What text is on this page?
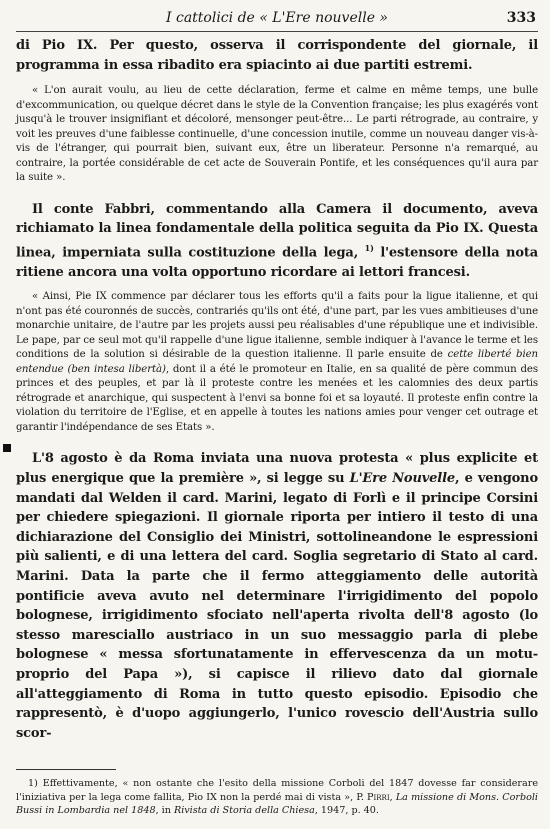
I cattolici de « L'Ere nouvelle »	333

di Pio IX. Per questo, osserva il corrispondente del giornale, il programma in essa ribadito era spiacinto ai due partiti estremi.

« L'on aurait voulu, au lieu de cette déclaration, ferme et calme en même temps, une bulle d'excommunication, ou quelque décret dans le style de la Convention française; les plus exagérés vont jusqu'à le trouver insignifiant et décoloré, mensonger peut-être... Le parti rétrograde, au contraire, y voit les preuves d'une faiblesse continuelle, d'une concession inutile, comme un nouveau danger vis-à-vis de l'étranger, qui pourrait bien, suivant eux, être un liberateur. Personne n'a remarqué, au contraire, la portée considérable de cet acte de Souverain Pontife, et les conséquences qu'il aura par la suite ».

Il conte Fabbri, commentando alla Camera il documento, aveva richiamato la linea fondamentale della politica seguita da Pio IX. Questa linea, imperniata sulla costituzione della lega, $^{1)}$ l'estensore della nota ritiene ancora una volta opportuno ricordare ai lettori francesi.

« Ainsi, Pie IX commence par déclarer tous les efforts qu'il a faits pour la ligue italienne, et qui n'ont pas été couronnés de succès, contrariés qu'ils ont été, d'une part, par les vues ambitieuses d'une monarchie unitaire, de l'autre par les projets aussi peu réalisables d'une république une et indivisible. Le pape, par ce seul mot qu'il rappelle d'une ligue italienne, semble indiquer à l'avance le terme et les conditions de la solution si désirable de la question italienne. Il parle ensuite de cette liberté bien entendue (ben intesa libertà), dont il a été le promoteur en Italie, en sa qualité de père commun des princes et des peuples, et par là il proteste contre les menées et les calomnies des deux partis rétrograde et anarchique, qui suspectent à l'envi sa bonne foi et sa loyauté. Il proteste enfin contre la violation du territoire de l'Eglise, et en appelle à toutes les nations amies pour venger cet outrage et garantir l'indépendance de ses Etats ».

L'8 agosto è da Roma inviata una nuova protesta « plus explicite et plus energique que la première », si legge su L'Ere Nouvelle, e vengono mandati dal Welden il card. Marini, legato di Forlì e il principe Corsini per chiedere spiegazioni. Il giornale riporta per intiero il testo di una dichiarazione del Consiglio dei Ministri, sottolineandone le espressioni più salienti, e di una lettera del card. Soglia segretario di Stato al card. Marini. Data la parte che il fermo atteggiamento delle autorità pontificie aveva avuto nel determinare l'irrigidimento del popolo bolognese, irrigidimento sfociato nell'aperta rivolta dell'8 agosto (lo stesso maresciallo austriaco in un suo messaggio parla di plebe bolognese « messa sfortunatamente in effervescenza da un motu-proprio del Papa »), si capisce il rilievo dato dal giornale all'atteggiamento di Roma in tutto questo episodio. Episodio che rappresentò, è d'uopo aggiungerlo, l'unico rovescio dell'Austria sullo scor-

1) Effettivamente, « non ostante che l'esito della missione Corboli del 1847 dovesse far considerare l'iniziativa per la lega come fallita, Pio IX non la perdé mai di vista », P. Pirri, La missione di Mons. Corboli Bussi in Lombardia nel 1848, in Rivista di Storia della Chiesa, 1947, p. 40.
